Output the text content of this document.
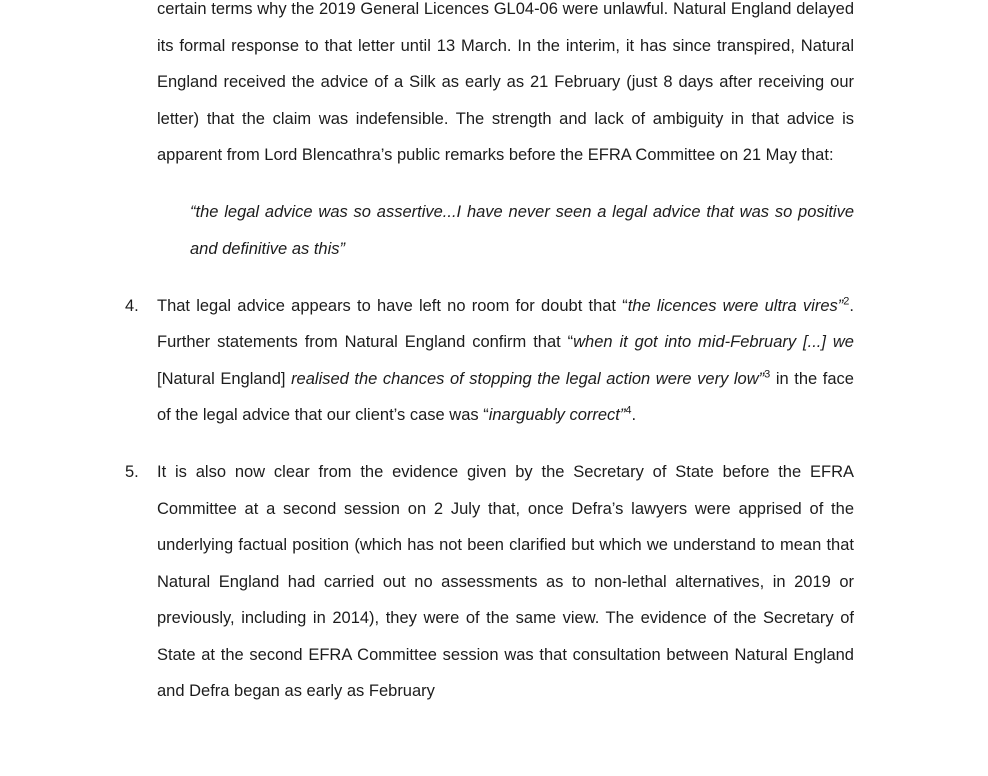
certain terms why the 2019 General Licences GL04-06 were unlawful. Natural England delayed its formal response to that letter until 13 March. In the interim, it has since transpired, Natural England received the advice of a Silk as early as 21 February (just 8 days after receiving our letter) that the claim was indefensible. The strength and lack of ambiguity in that advice is apparent from Lord Blencathra’s public remarks before the EFRA Committee on 21 May that:

“the legal advice was so assertive...I have never seen a legal advice that was so positive and definitive as this”

4.	That legal advice appears to have left no room for doubt that “the licences were ultra vires”$^2$. Further statements from Natural England confirm that “when it got into mid-February [...] we [Natural England] realised the chances of stopping the legal action were very low”$^3$ in the face of the legal advice that our client’s case was “inarguably correct”$^4$.

5.	It is also now clear from the evidence given by the Secretary of State before the EFRA Committee at a second session on 2 July that, once Defra’s lawyers were apprised of the underlying factual position (which has not been clarified but which we understand to mean that Natural England had carried out no assessments as to non-lethal alternatives, in 2019 or previously, including in 2014), they were of the same view. The evidence of the Secretary of State at the second EFRA Committee session was that consultation between Natural England and Defra began as early as February
